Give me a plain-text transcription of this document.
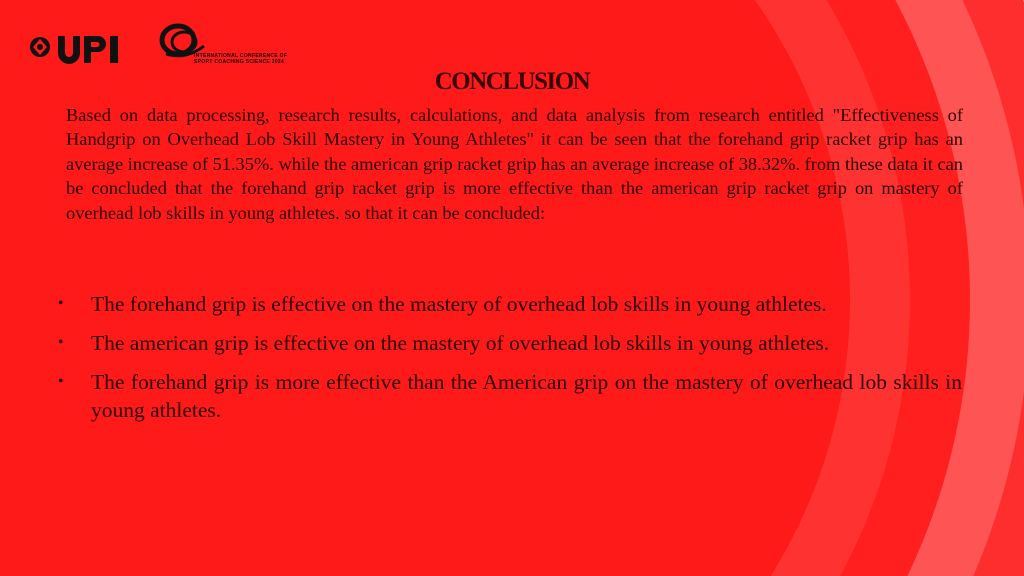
INTERNATIONAL CONFERENCE OF SPORT COACHING SCIENCE 2024
CONCLUSION
Based on data processing, research results, calculations, and data analysis from research entitled "Effectiveness of Handgrip on Overhead Lob Skill Mastery in Young Athletes" it can be seen that the forehand grip racket grip has an average increase of 51.35%. while the american grip racket grip has an average increase of 38.32%. from these data it can be concluded that the forehand grip racket grip is more effective than the american grip racket grip on mastery of overhead lob skills in young athletes. so that it can be concluded:
• The forehand grip is effective on the mastery of overhead lob skills in young athletes.
• The american grip is effective on the mastery of overhead lob skills in young athletes.
• The forehand grip is more effective than the American grip on the mastery of overhead lob skills in young athletes.
